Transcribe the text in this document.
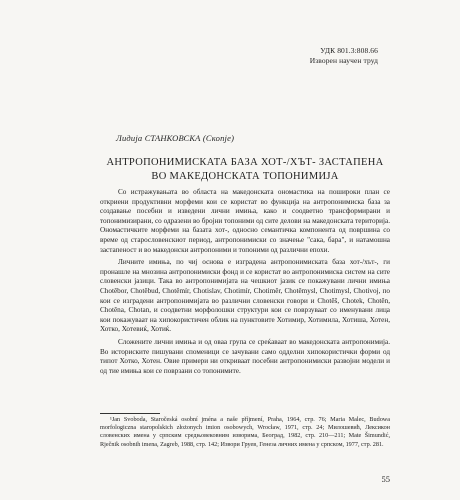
УДК 801.3:808.66
Изворен научен труд
Лидија СТАНКОВСКА (Скопје)
АНТРОПОНИМИСКАТА БАЗА ХОТ-/ХЪТ- ЗАСТАПЕНА
ВО МАКЕДОНСКАТА ТОПОНИМИЈА

Со истражувањата во областа на македонската ономастика на пошироки план се откриени продуктивни морфеми кои се користат во функција на антропонимиска база за создавање посебни и изведени лични имиња, како и соодветно трансформирани и топонимизирани, со одразени во бројни топоними од сите делови на македонската територија. Ономастичките морфеми на базата хот-, односно семантичка компонента од површина со време од старословенскиот период, антропонимиски со значење "сака, бара", и натамошна застапеност и во македонски антропоними и топоними од различни епохи.

Личните имиња, по чиј основа е изградена антропонимиската база хот-/хът-, ги пронашле на мнозина антропонимиски фонд и се користат во антропонимиска систем на сите словенски јазици. Така во антропонимијата на чешкиот јазик се покажувани лични имиња Chotěbor, Chotěbud, Chotěmír, Chotislav, Chotimír, Chotiměr, Chotěmysl, Chotimysl, Chotivoj, по кои се изградени антропонимијата во различни словенски говори и Chotěš, Chotek, Chotěn, Chotěna, Chotan, и соодветни морфолошки структури кои се поврзуваат со именувани лица кои покажуваат на хипокористичен облик на пунктовите Хотимир, Хотимила, Хотиша, Хотен, Хотко, Хотевиќ, Хотиќ.

Сложените лични имиња и од оваа група се среќаваат во македонската антропонимија. Во историските пишувани споменици се зачувани само одделни хипокористички форми од типот Хотко, Хотен. Овие примери ни откриваат посебни антропонимиски развојни модели и од тие имиња кои се поврзани со топонимите.

¹Jan Svoboda, Staročeská osobní jména a naše příjmení, Praha, 1964, стр. 76; Maria Malec, Budowa morfologiczna staropolskich złożonych imion osobowych, Wrocław, 1971, стр. 24; Милошевић, Лексикон словенских имена у српским средњовековним изворима, Београд, 1982, стр. 210—211; Mate Šimundić, Rječnik osobnih imena, Zagreb, 1988, стр. 142; Извори Груев, Генеза личних имена у српском, 1977, стр. 281.

55
